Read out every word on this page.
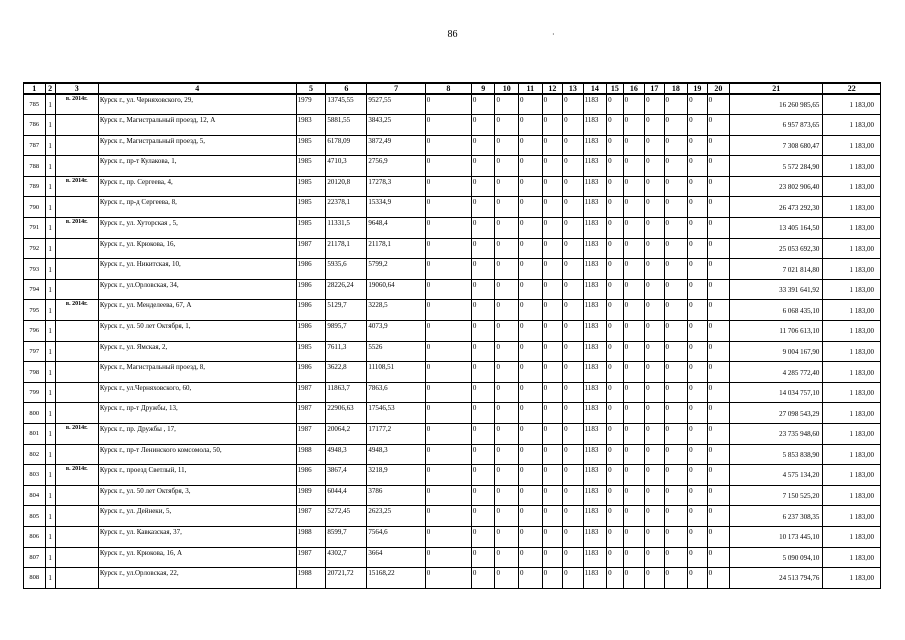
86	·
1	2	3	4	5	6	7	8	9	10	11	12	13	14	15	16	17	18	19	20	21	22
785	1	в. 2014г.	Курск г., ул. Черняховского, 29,	1979	13745,55	9527,55	0	0	0	0	0	0	1183	0	0	0	0	0	0	16 260 985,65	1 183,00
786	1		Курск г., Магистральный проезд, 12, А	1983	5881,55	3843,25	0	0	0	0	0	0	1183	0	0	0	0	0	0	6 957 873,65	1 183,00
787	1		Курск г., Магистральный проезд, 5,	1985	6178,09	3872,49	0	0	0	0	0	0	1183	0	0	0	0	0	0	7 308 680,47	1 183,00
788	1		Курск г., пр-т Кулакова, 1,	1985	4710,3	2756,9	0	0	0	0	0	0	1183	0	0	0	0	0	0	5 572 284,90	1 183,00
789	1	в. 2014г.	Курск г., пр. Сергеева, 4,	1985	20120,8	17278,3	0	0	0	0	0	0	1183	0	0	0	0	0	0	23 802 906,40	1 183,00
790	1		Курск г., пр-д Сергеева, 8,	1985	22378,1	15334,9	0	0	0	0	0	0	1183	0	0	0	0	0	0	26 473 292,30	1 183,00
791	1	в. 2014г.	Курск г., ул. Хуторская , 5,	1985	11331,5	9648,4	0	0	0	0	0	0	1183	0	0	0	0	0	0	13 405 164,50	1 183,00
792	1		Курск г., ул. Крюкова, 16,	1987	21178,1	21178,1	0	0	0	0	0	0	1183	0	0	0	0	0	0	25 053 692,30	1 183,00
793	1		Курск г., ул. Никитская, 10,	1986	5935,6	5799,2	0	0	0	0	0	0	1183	0	0	0	0	0	0	7 021 814,80	1 183,00
794	1		Курск г., ул.Орловская, 34,	1986	28226,24	19060,64	0	0	0	0	0	0	1183	0	0	0	0	0	0	33 391 641,92	1 183,00
795	1	в. 2014г.	Курск г., ул. Менделеева, 67, А	1986	5129,7	3228,5	0	0	0	0	0	0	1183	0	0	0	0	0	0	6 068 435,10	1 183,00
796	1		Курск г., ул. 50 лет Октября, 1,	1986	9895,7	4073,9	0	0	0	0	0	0	1183	0	0	0	0	0	0	11 706 613,10	1 183,00
797	1		Курск г., ул. Ямская, 2,	1985	7611,3	5526	0	0	0	0	0	0	1183	0	0	0	0	0	0	9 004 167,90	1 183,00
798	1		Курск г., Магистральный проезд, 8,	1986	3622,8	11108,51	0	0	0	0	0	0	1183	0	0	0	0	0	0	4 285 772,40	1 183,00
799	1		Курск г., ул.Черняховского, 60,	1987	11863,7	7863,6	0	0	0	0	0	0	1183	0	0	0	0	0	0	14 034 757,10	1 183,00
800	1		Курск г., пр-т Дружбы, 13,	1987	22906,63	17546,53	0	0	0	0	0	0	1183	0	0	0	0	0	0	27 098 543,29	1 183,00
801	1	в. 2014г.	Курск г., пр. Дружбы , 17,	1987	20064,2	17177,2	0	0	0	0	0	0	1183	0	0	0	0	0	0	23 735 948,60	1 183,00
802	1		Курск г., пр-т Ленинского комсомола, 50,	1988	4948,3	4948,3	0	0	0	0	0	0	1183	0	0	0	0	0	0	5 853 838,90	1 183,00
803	1	в. 2014г.	Курск г., проезд Светлый, 11,	1986	3867,4	3218,9	0	0	0	0	0	0	1183	0	0	0	0	0	0	4 575 134,20	1 183,00
804	1		Курск г., ул. 50 лет Октября, 3,	1989	6044,4	3786	0	0	0	0	0	0	1183	0	0	0	0	0	0	7 150 525,20	1 183,00
805	1		Курск г., ул. Дейнеки, 5,	1987	5272,45	2623,25	0	0	0	0	0	0	1183	0	0	0	0	0	0	6 237 308,35	1 183,00
806	1		Курск г., ул. Кавказская, 37,	1988	8599,7	7564,6	0	0	0	0	0	0	1183	0	0	0	0	0	0	10 173 445,10	1 183,00
807	1		Курск г., ул. Крюкова, 16, А	1987	4302,7	3664	0	0	0	0	0	0	1183	0	0	0	0	0	0	5 090 094,10	1 183,00
808	1		Курск г., ул.Орловская, 22,	1988	20721,72	15168,22	0	0	0	0	0	0	1183	0	0	0	0	0	0	24 513 794,76	1 183,00
